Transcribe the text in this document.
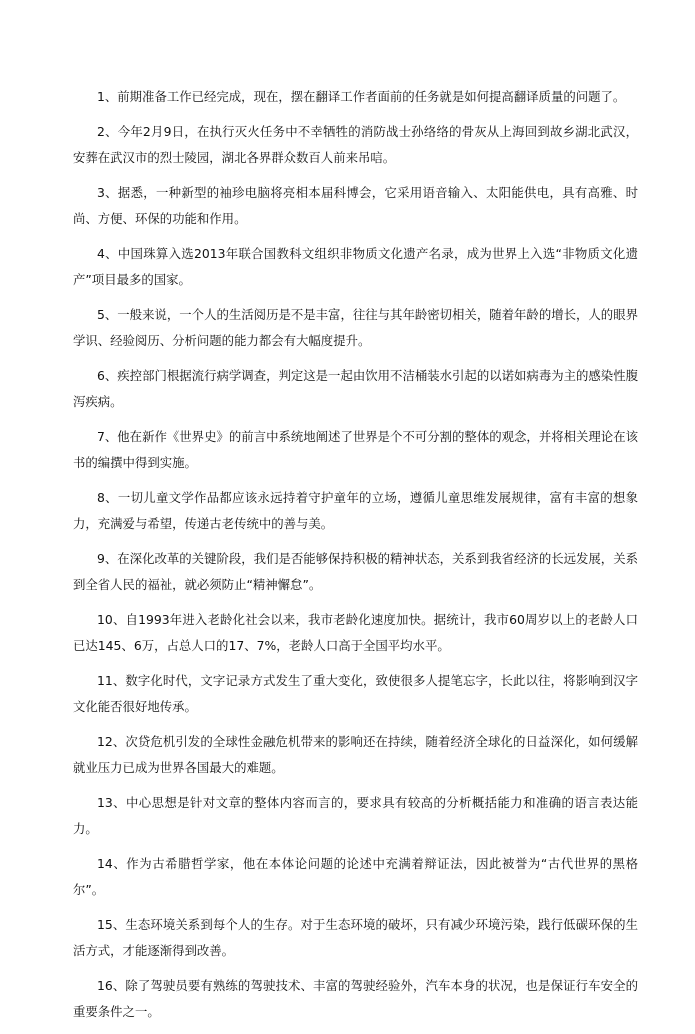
1、前期准备工作已经完成，现在，摆在翻译工作者面前的任务就是如何提高翻译质量的问题了。

2、今年2月9日，在执行灭火任务中不幸牺牲的消防战士孙络络的骨灰从上海回到故乡湖北武汉，安葬在武汉市的烈士陵园，湖北各界群众数百人前来吊唁。

3、据悉，一种新型的袖珍电脑将亮相本届科博会，它采用语音输入、太阳能供电，具有高雅、时尚、方便、环保的功能和作用。

4、中国珠算入选2013年联合国教科文组织非物质文化遗产名录，成为世界上入选“非物质文化遗产”项目最多的国家。

5、一般来说，一个人的生活阅历是不是丰富，往往与其年龄密切相关，随着年龄的增长，人的眼界学识、经验阅历、分析问题的能力都会有大幅度提升。

6、疾控部门根据流行病学调查，判定这是一起由饮用不洁桶装水引起的以诺如病毒为主的感染性腹泻疾病。

7、他在新作《世界史》的前言中系统地阐述了世界是个不可分割的整体的观念，并将相关理论在该书的编撰中得到实施。

8、一切儿童文学作品都应该永远持着守护童年的立场，遵循儿童思维发展规律，富有丰富的想象力，充满爱与希望，传递古老传统中的善与美。

9、在深化改革的关键阶段，我们是否能够保持积极的精神状态，关系到我省经济的长远发展，关系到全省人民的福祉，就必须防止“精神懈怠”。

10、自1993年进入老龄化社会以来，我市老龄化速度加快。据统计，我市60周岁以上的老龄人口已达145、6万，占总人口的17、7%，老龄人口高于全国平均水平。

11、数字化时代，文字记录方式发生了重大变化，致使很多人提笔忘字，长此以往，将影响到汉字文化能否很好地传承。

12、次贷危机引发的全球性金融危机带来的影响还在持续，随着经济全球化的日益深化，如何缓解就业压力已成为世界各国最大的难题。

13、中心思想是针对文章的整体内容而言的，要求具有较高的分析概括能力和准确的语言表达能力。

14、作为古希腊哲学家，他在本体论问题的论述中充满着辩证法，因此被誉为“古代世界的黑格尔”。

15、生态环境关系到每个人的生存。对于生态环境的破坏，只有减少环境污染，践行低碳环保的生活方式，才能逐渐得到改善。

16、除了驾驶员要有熟练的驾驶技术、丰富的驾驶经验外，汽车本身的状况，也是保证行车安全的重要条件之一。
